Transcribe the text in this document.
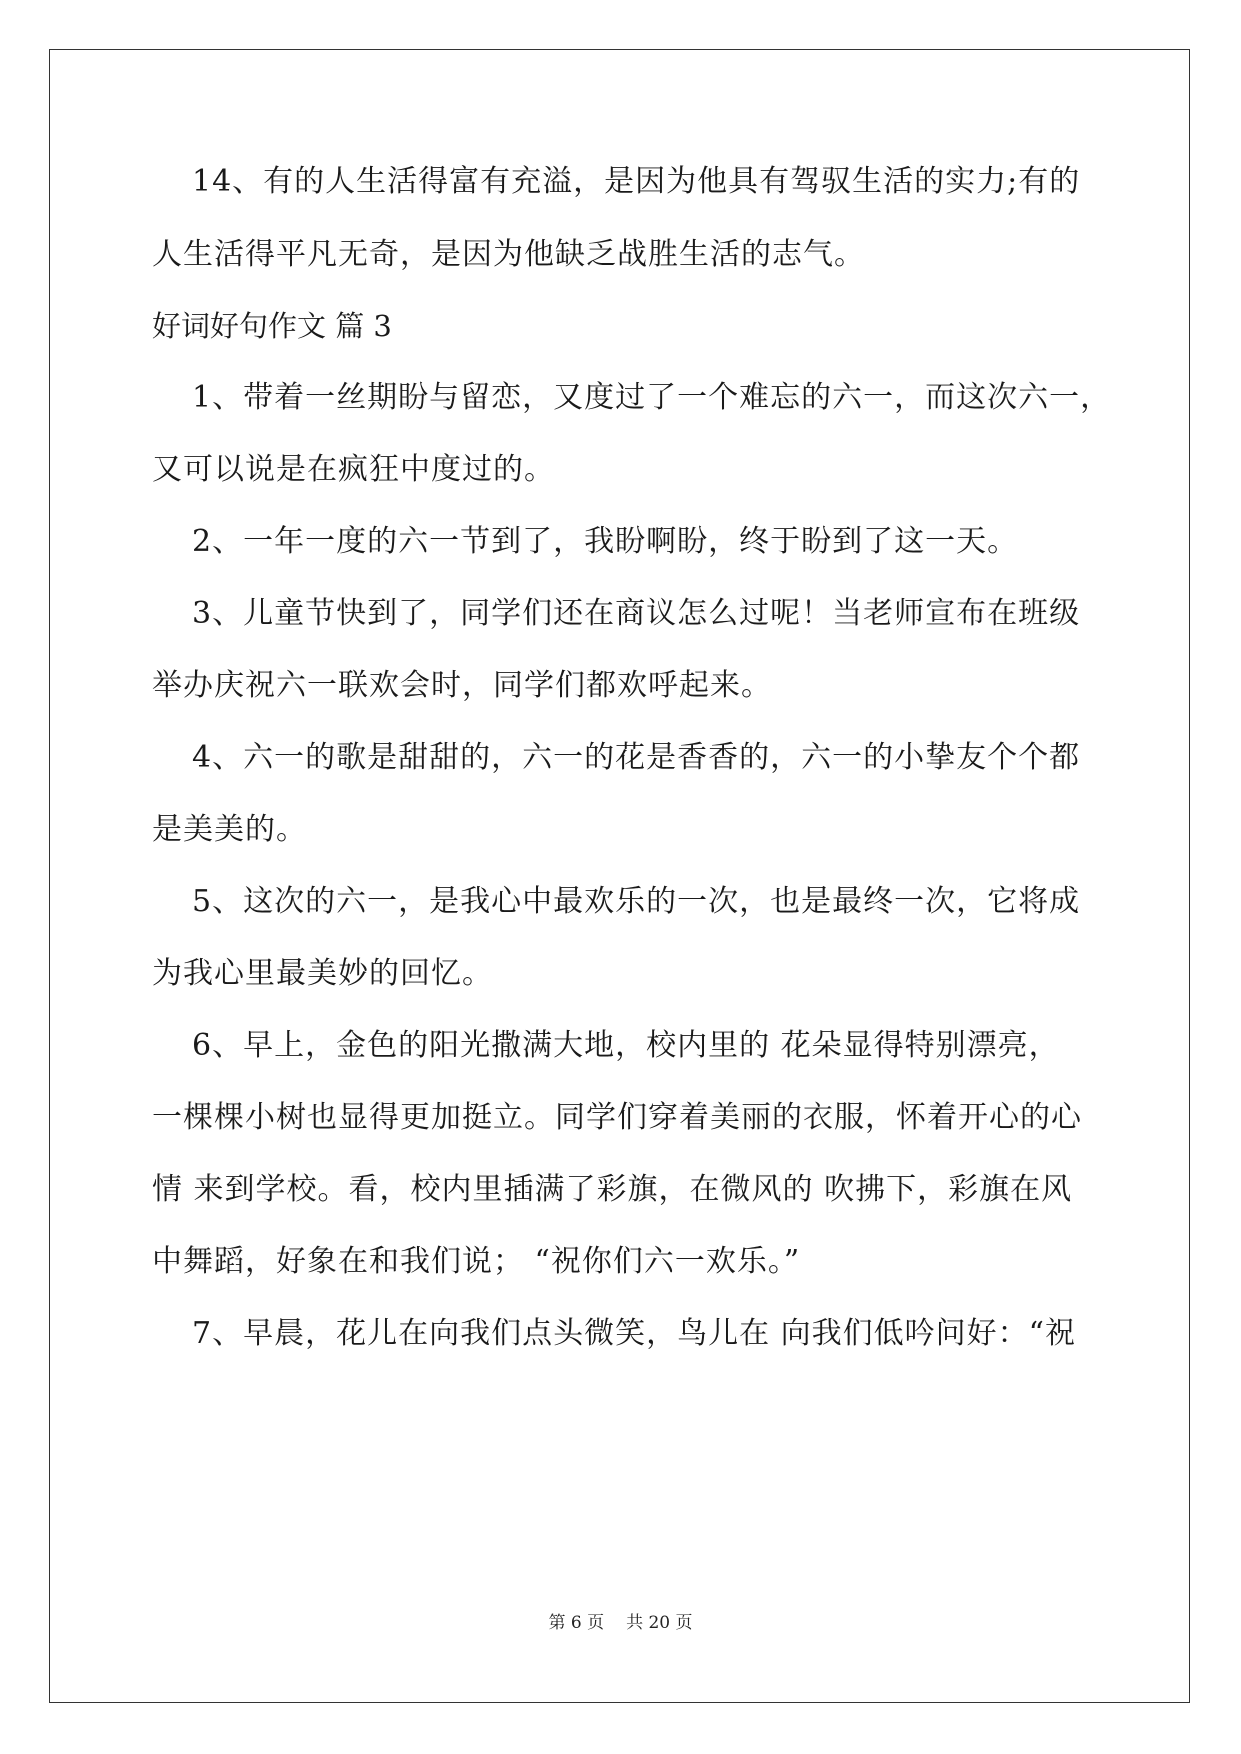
14、有的人生活得富有充溢，是因为他具有驾驭生活的实力;有的
人生活得平凡无奇，是因为他缺乏战胜生活的志气。
好词好句作文 篇 3
1、带着一丝期盼与留恋，又度过了一个难忘的六一，而这次六一，
又可以说是在疯狂中度过的。
2、一年一度的六一节到了，我盼啊盼，终于盼到了这一天。
3、儿童节快到了，同学们还在商议怎么过呢！当老师宣布在班级
举办庆祝六一联欢会时，同学们都欢呼起来。
4、六一的歌是甜甜的，六一的花是香香的，六一的小挚友个个都
是美美的。
5、这次的六一，是我心中最欢乐的一次，也是最终一次，它将成
为我心里最美妙的回忆。
6、早上，金色的阳光撒满大地，校内里的 花朵显得特别漂亮，
一棵棵小树也显得更加挺立。同学们穿着美丽的衣服，怀着开心的心
情 来到学校。看，校内里插满了彩旗，在微风的 吹拂下，彩旗在风
中舞蹈，好象在和我们说； “祝你们六一欢乐。”
7、早晨，花儿在向我们点头微笑，鸟儿在 向我们低吟问好：“祝
第 6 页 共 20 页
